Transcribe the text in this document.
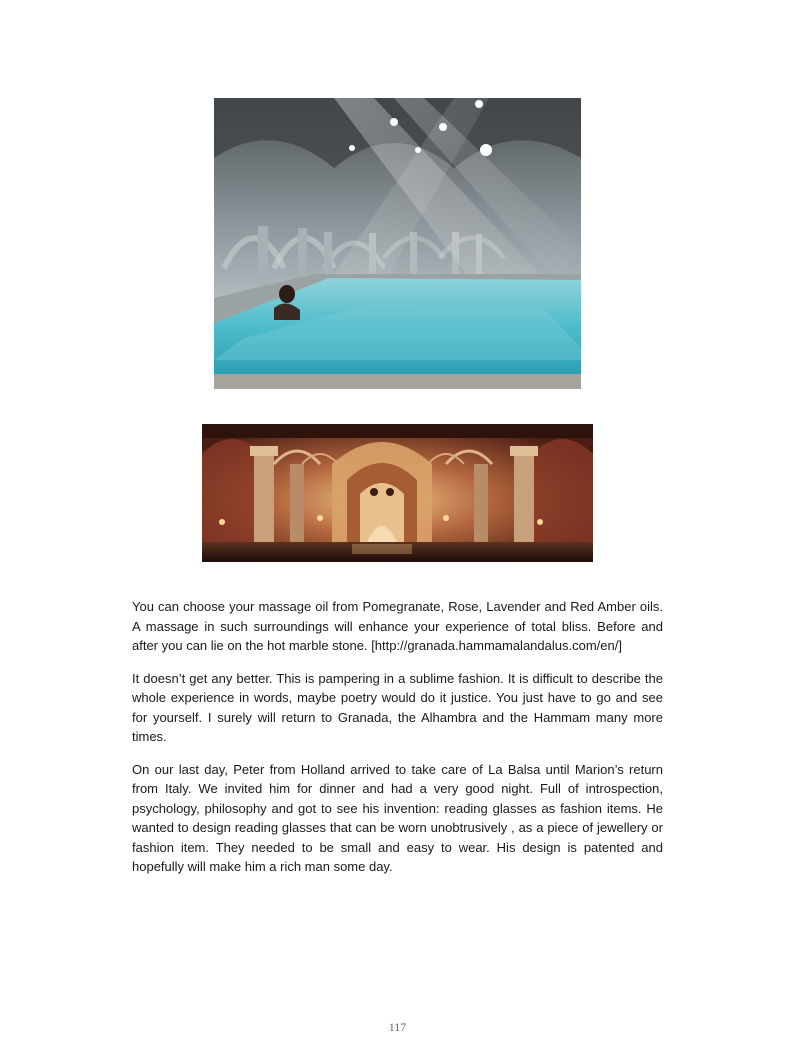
You can choose your massage oil from Pomegranate, Rose, Lavender and Red Amber oils. A massage in such surroundings will enhance your experience of total bliss. Before and after you can lie on the hot marble stone. [http://granada.hammamalandalus.com/en/]

It doesn’t get any better. This is pampering in a sublime fashion. It is difficult to describe the whole experience in words, maybe poetry would do it justice. You just have to go and see for yourself. I surely will return to Granada, the Alhambra and the Hammam many more times.

On our last day, Peter from Holland arrived to take care of La Balsa until Marion’s return from Italy. We invited him for dinner and had a very good night. Full of introspection, psychology, philosophy and got to see his invention: reading glasses as fashion items. He wanted to design reading glasses that can be worn unobtrusively , as a piece of jewellery or fashion item. They needed to be small and easy to wear. His design is patented and hopefully will make him a rich man some day.

117
